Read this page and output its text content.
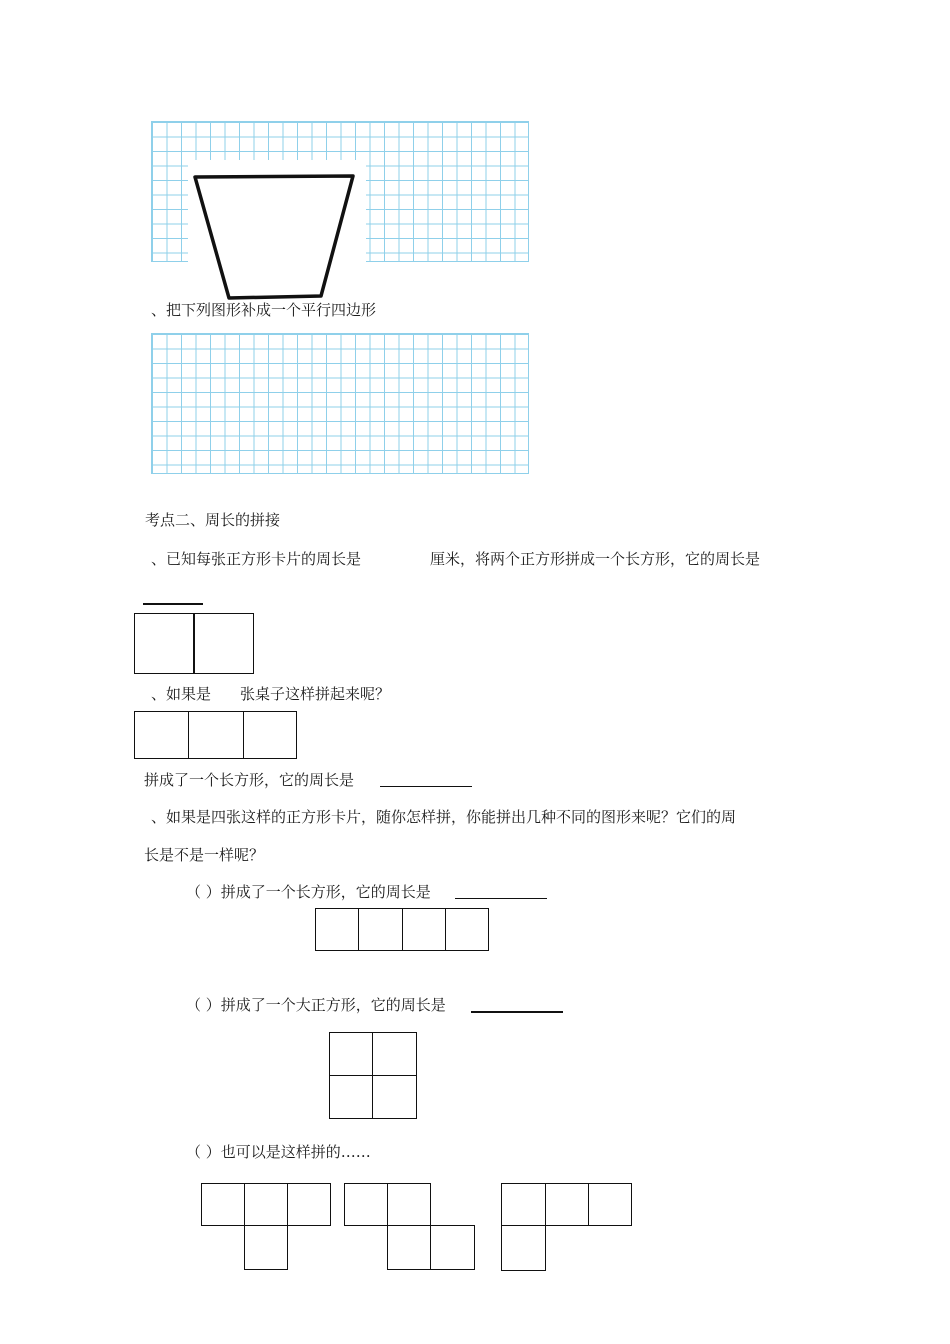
、把下列图形补成一个平行四边形
考点二、周长的拼接
、已知每张正方形卡片的周长是	厘米，将两个正方形拼成一个长方形，它的周长是
、如果是 张桌子这样拼起来呢？
拼成了一个长方形，它的周长是
、如果是四张这样的正方形卡片，随你怎样拼，你能拼出几种不同的图形来呢？它们的周
长是不是一样呢？
（ ）拼成了一个长方形，它的周长是
（ ）拼成了一个大正方形，它的周长是
（ ）也可以是这样拼的……
